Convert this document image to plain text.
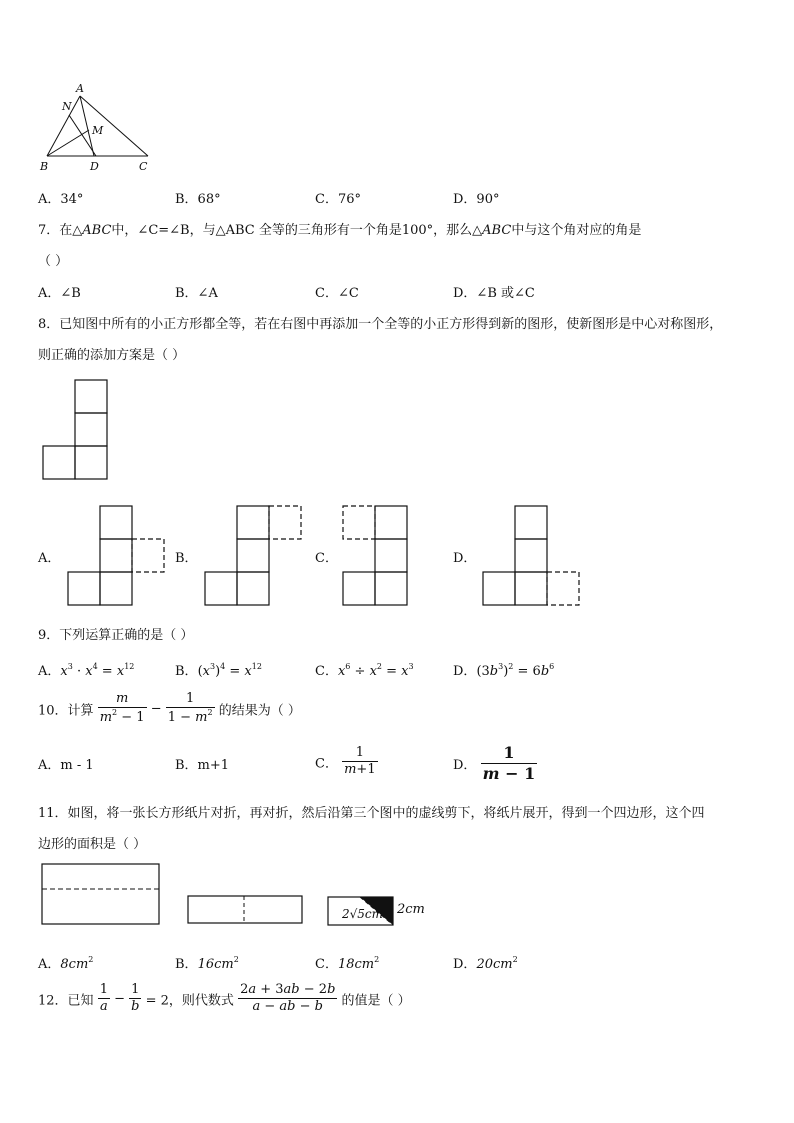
A
N
M
B	D	C
A．34°	B．68°	C．76°	D．90°
7．在△ABC中，∠C=∠B，与△ABC 全等的三角形有一个角是100°，那么△ABC中与这个角对应的角是
（ ）
A．∠B	B．∠A	C．∠C	D．∠B 或∠C
8．已知图中所有的小正方形都全等，若在右图中再添加一个全等的小正方形得到新的图形，使新图形是中心对称图形，
则正确的添加方案是（ ）
A．	B．	C．	D．
9．下列运算正确的是（ ）
A．$x^3 \cdot x^4 = x^{12}$	B．$(x^3)^4 = x^{12}$	C．$x^6 \div x^2 = x^3$	D．$(3b^3)^2 = 6b^6$
10．计算 $\frac{m}{m^2 - 1} - \frac{1}{1 - m^2}$ 的结果为（ ）
A．m - 1	B．m+1	C． $\frac{1}{m+1}$	D． $\frac{1}{m - 1}$
11．如图，将一张长方形纸片对折，再对折，然后沿第三个图中的虚线剪下，将纸片展开，得到一个四边形，这个四
边形的面积是（ ）
2√5cm 2cm
A．$8cm^2$	B．$16cm^2$	C．$18cm^2$	D．$20cm^2$
12．已知 $\frac{1}{a} - \frac{1}{b} = 2$，则代数式 $\frac{2a + 3ab - 2b}{a - ab - b}$ 的值是（ ）
